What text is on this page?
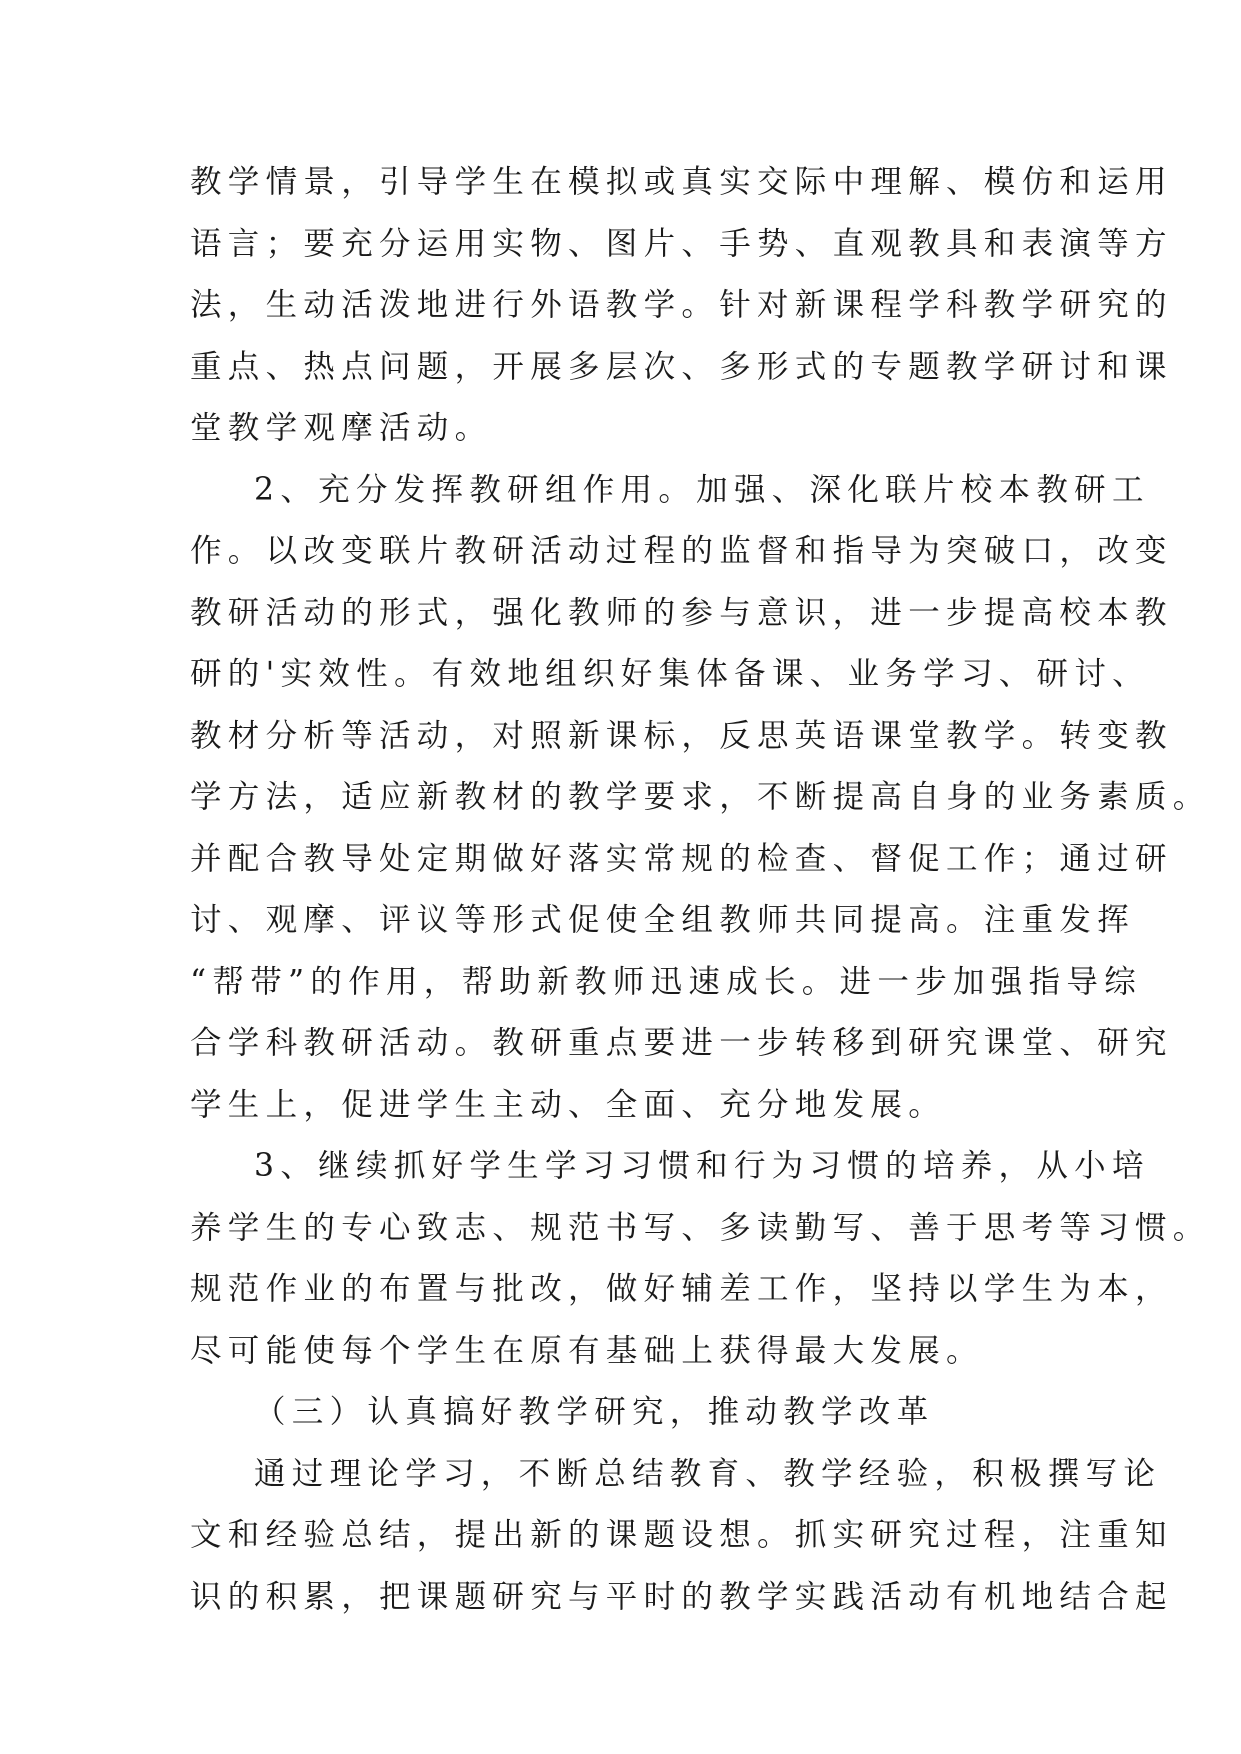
教学情景，引导学生在模拟或真实交际中理解、模仿和运用
语言；要充分运用实物、图片、手势、直观教具和表演等方
法，生动活泼地进行外语教学。针对新课程学科教学研究的
重点、热点问题，开展多层次、多形式的专题教学研讨和课
堂教学观摩活动。
2、充分发挥教研组作用。加强、深化联片校本教研工
作。以改变联片教研活动过程的监督和指导为突破口，改变
教研活动的形式，强化教师的参与意识，进一步提高校本教
研的'实效性。有效地组织好集体备课、业务学习、研讨、
教材分析等活动，对照新课标，反思英语课堂教学。转变教
学方法，适应新教材的教学要求，不断提高自身的业务素质。
并配合教导处定期做好落实常规的检查、督促工作；通过研
讨、观摩、评议等形式促使全组教师共同提高。注重发挥
“帮带”的作用，帮助新教师迅速成长。进一步加强指导综
合学科教研活动。教研重点要进一步转移到研究课堂、研究
学生上，促进学生主动、全面、充分地发展。
3、继续抓好学生学习习惯和行为习惯的培养，从小培
养学生的专心致志、规范书写、多读勤写、善于思考等习惯。
规范作业的布置与批改，做好辅差工作，坚持以学生为本，
尽可能使每个学生在原有基础上获得最大发展。
（三）认真搞好教学研究，推动教学改革
通过理论学习，不断总结教育、教学经验，积极撰写论
文和经验总结，提出新的课题设想。抓实研究过程，注重知
识的积累，把课题研究与平时的教学实践活动有机地结合起
